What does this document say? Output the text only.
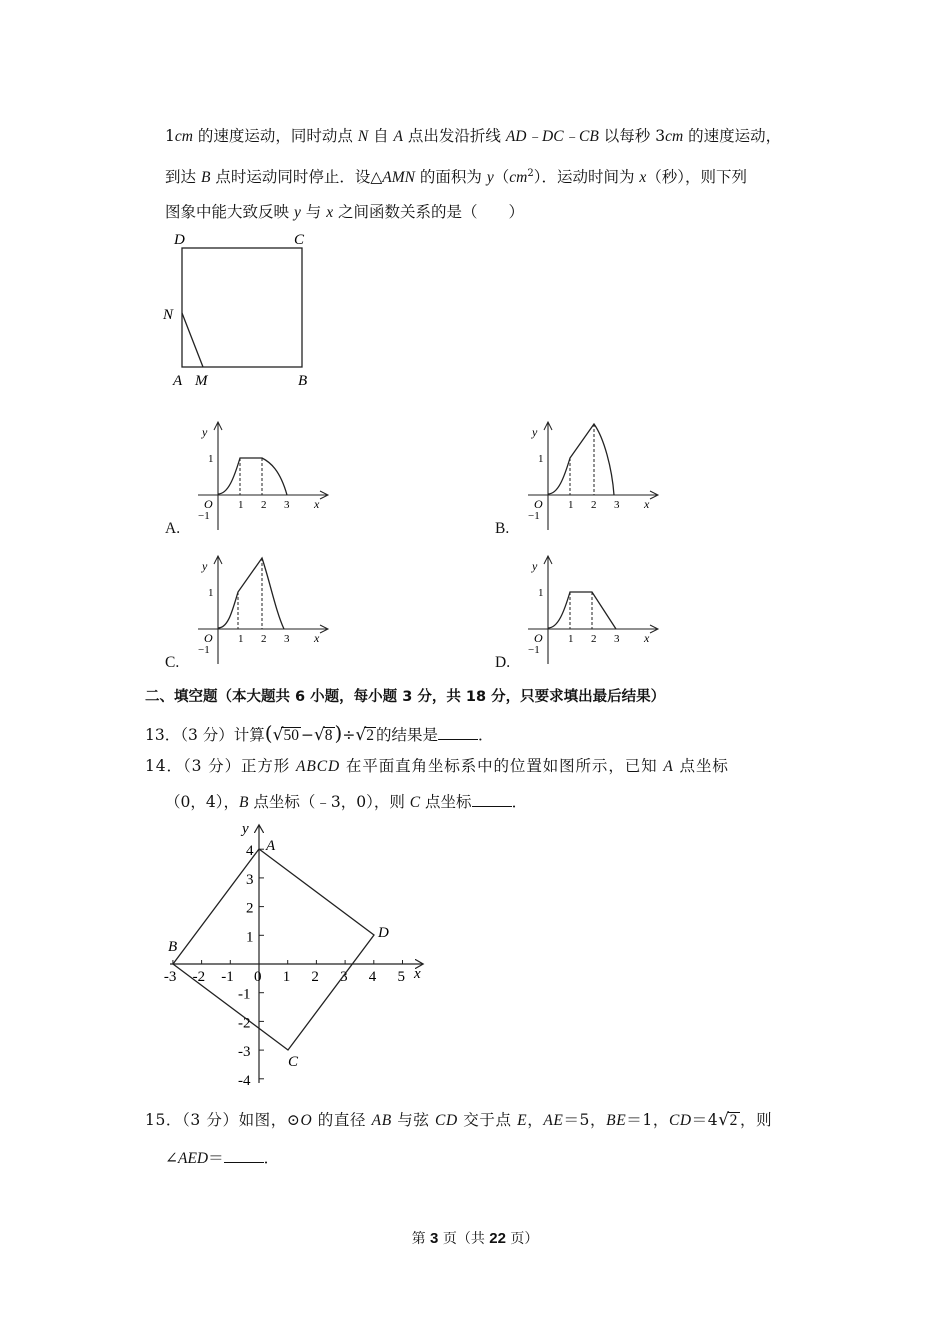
1cm 的速度运动，同时动点 N 自 A 点出发沿折线 AD﹣DC﹣CB 以每秒 3cm 的速度运动，
到达 B 点时运动同时停止．设△AMN 的面积为 $y(cm^2)$．运动时间为 x（秒），则下列
图象中能大致反映 y 与 x 之间函数关系的是（　　）
D	C
N
A M	B
y
x
O
1
−1
1 2 3
y
x
O
1
−1
1 2 3
y
x
O
1
−1
1 2 3
y
x
O
1
−1
1 2 3
A.	B.
C.	D.
二、填空题（本大题共 6 小题，每小题 3 分，共 18 分，只要求填出最后结果）
13．（3 分）计算(√50 −√8 )÷√2 的结果是	．
14．（3 分）正方形 ABCD 在平面直角坐标系中的位置如图所示，已知 A 点坐标
（0，4），B 点坐标（﹣3，0），则 C 点坐标	．
-3 -2 -1 0 1 2 3 4 5
4
3
2
1
-1
-2
-3
-4
y
x
A
B
C
D
15．（3 分）如图，⊙O 的直径 AB 与弦 CD 交于点 E，AE＝5，BE＝1，CD＝4√2 ，则
∠AED＝	．
第 3 页（共 22 页）
